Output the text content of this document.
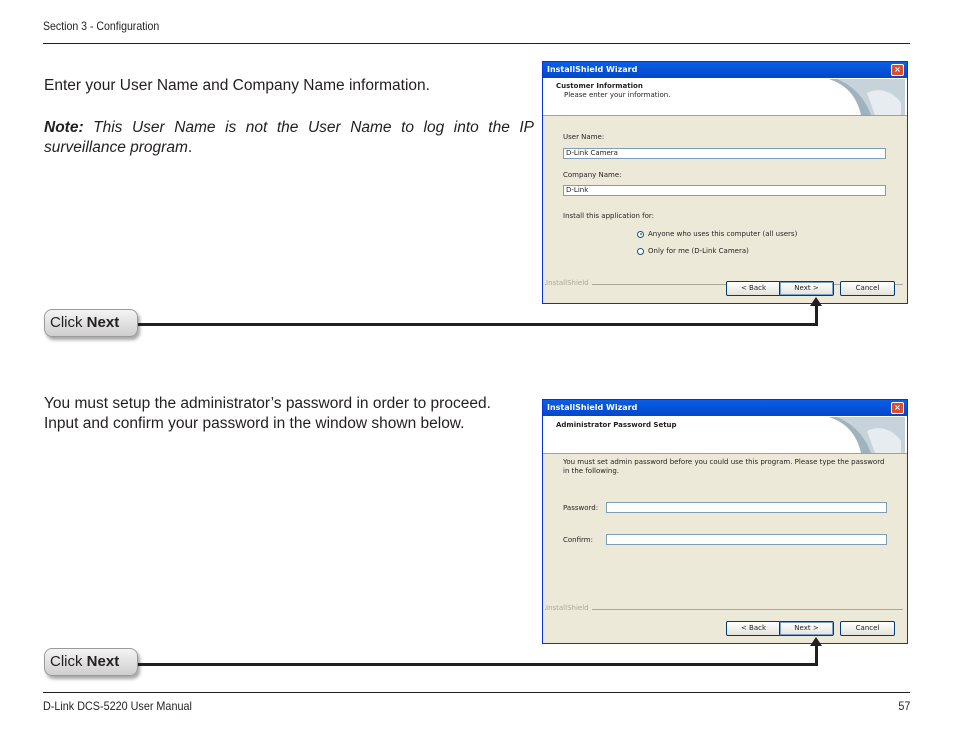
Section 3 - Configuration
Enter your User Name and Company Name information.
Note: This User Name is not the User Name to log into the IP surveillance program.
InstallShield Wizard	×
Customer Information
Please enter your information.
User Name:
D-Link Camera
Company Name:
D-Link
Install this application for:
Anyone who uses this computer (all users)
Only for me (D-Link Camera)
InstallShield
< Back	Next >	Cancel
Click Next
You must setup the administrator’s password in order to proceed.
Input and confirm your password in the window shown below.
InstallShield Wizard	×
Administrator Password Setup
You must set admin password before you could use this program. Please type the password in the following.
Password:
Confirm:
InstallShield
< Back	Next >	Cancel
Click Next
D-Link DCS-5220 User Manual	57
